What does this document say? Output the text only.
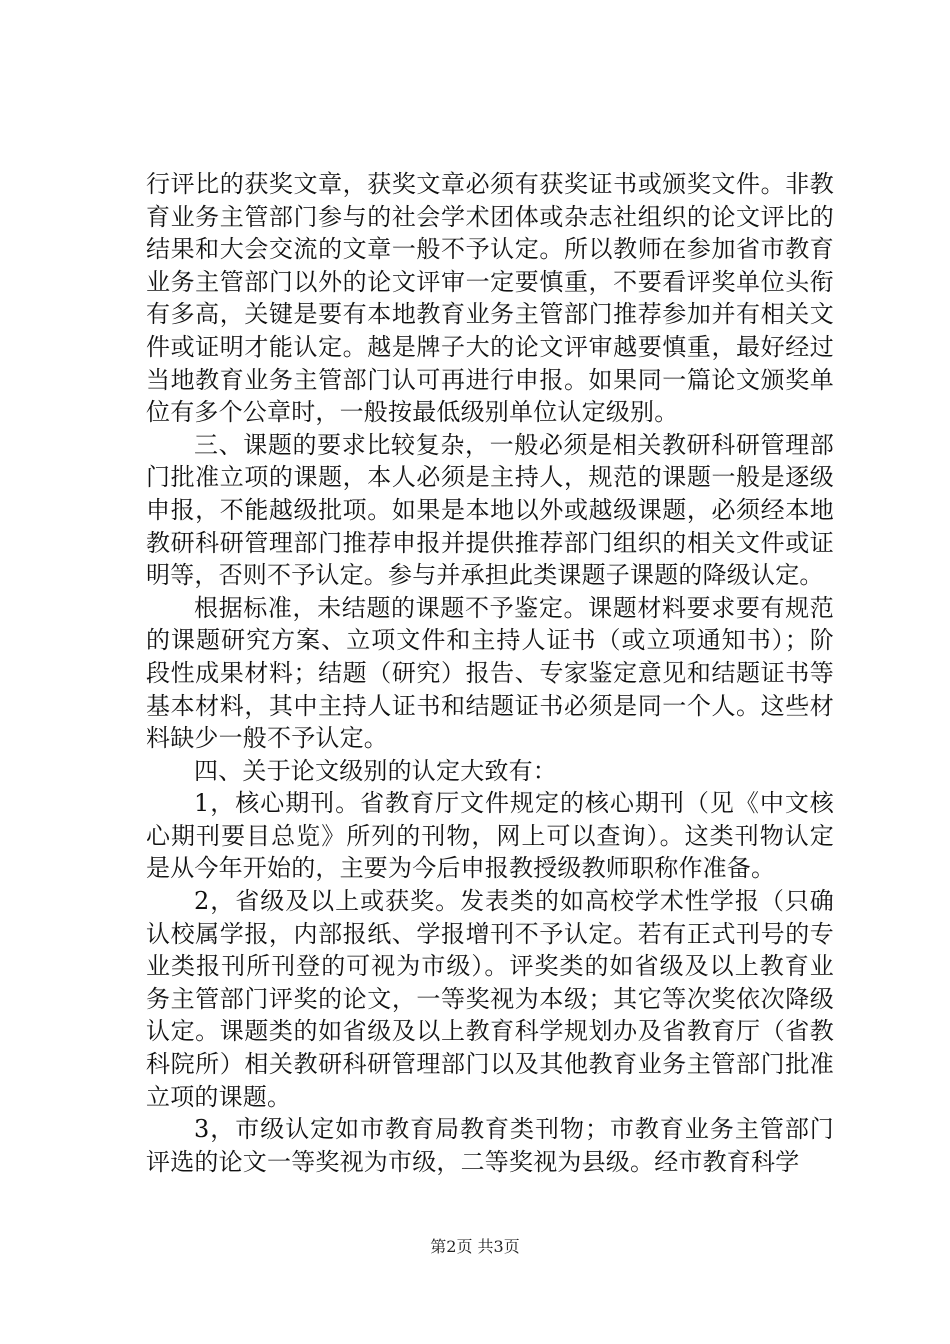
行评比的获奖文章，获奖文章必须有获奖证书或颁奖文件。非教育业务主管部门参与的社会学术团体或杂志社组织的论文评比的结果和大会交流的文章一般不予认定。所以教师在参加省市教育业务主管部门以外的论文评审一定要慎重，不要看评奖单位头衔有多高，关键是要有本地教育业务主管部门推荐参加并有相关文件或证明才能认定。越是牌子大的论文评审越要慎重，最好经过当地教育业务主管部门认可再进行申报。如果同一篇论文颁奖单位有多个公章时，一般按最低级别单位认定级别。

三、课题的要求比较复杂，一般必须是相关教研科研管理部门批准立项的课题，本人必须是主持人，规范的课题一般是逐级申报，不能越级批项。如果是本地以外或越级课题，必须经本地教研科研管理部门推荐申报并提供推荐部门组织的相关文件或证明等，否则不予认定。参与并承担此类课题子课题的降级认定。

根据标准，未结题的课题不予鉴定。课题材料要求要有规范的课题研究方案、立项文件和主持人证书（或立项通知书）；阶段性成果材料；结题（研究）报告、专家鉴定意见和结题证书等基本材料，其中主持人证书和结题证书必须是同一个人。这些材料缺少一般不予认定。

四、关于论文级别的认定大致有：

1，核心期刊。省教育厅文件规定的核心期刊（见《中文核心期刊要目总览》所列的刊物，网上可以查询）。这类刊物认定是从今年开始的，主要为今后申报教授级教师职称作准备。

2，省级及以上或获奖。发表类的如高校学术性学报（只确认校属学报，内部报纸、学报增刊不予认定。若有正式刊号的专业类报刊所刊登的可视为市级）。评奖类的如省级及以上教育业务主管部门评奖的论文，一等奖视为本级；其它等次奖依次降级认定。课题类的如省级及以上教育科学规划办及省教育厅（省教科院所）相关教研科研管理部门以及其他教育业务主管部门批准立项的课题。

3，市级认定如市教育局教育类刊物；市教育业务主管部门评选的论文一等奖视为市级，二等奖视为县级。经市教育科学

第2页 共3页
